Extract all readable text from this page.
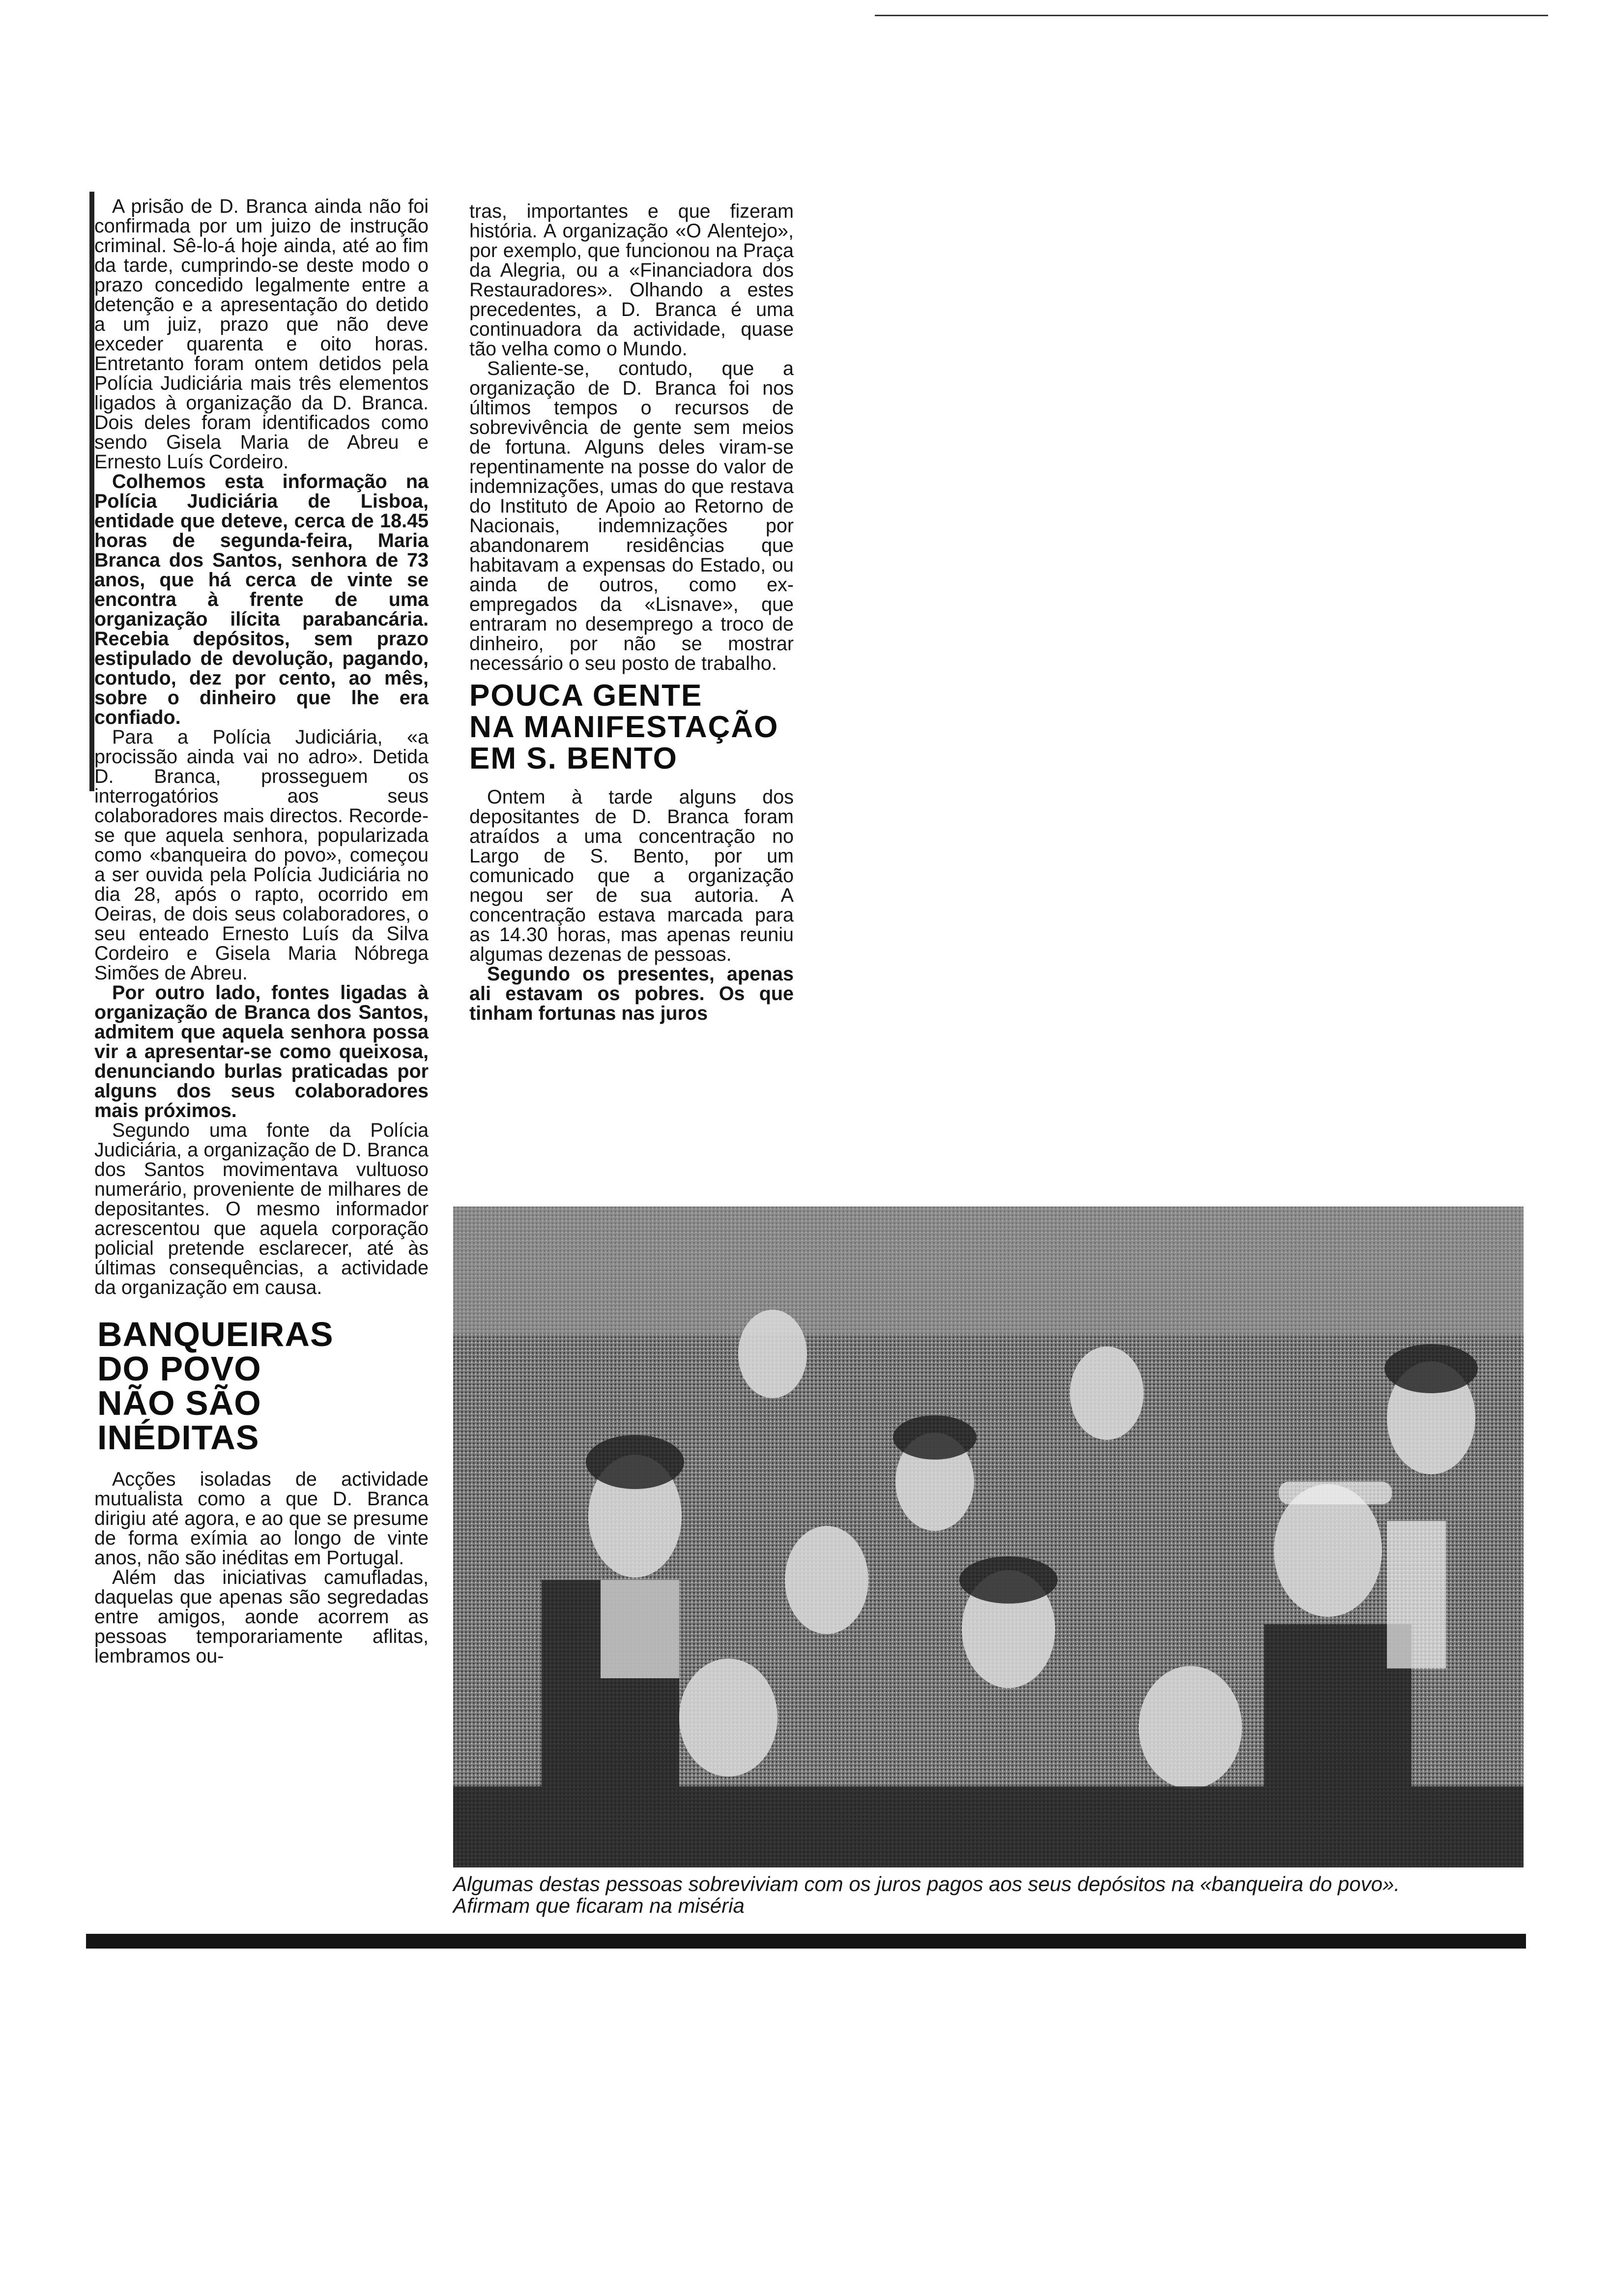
A prisão de D. Branca ainda não foi confirmada por um juizo de instrução criminal. Sê-lo-á hoje ainda, até ao fim da tarde, cumprindo-se deste modo o prazo concedido legalmente entre a detenção e a apresentação do detido a um juiz, prazo que não deve exceder quarenta e oito horas. Entretanto foram ontem detidos pela Polícia Judiciária mais três elementos ligados à organização da D. Branca. Dois deles foram identificados como sendo Gisela Maria de Abreu e Ernesto Luís Cordeiro.

Colhemos esta informação na Polícia Judiciária de Lisboa, entidade que deteve, cerca de 18.45 horas de segunda-feira, Maria Branca dos Santos, senhora de 73 anos, que há cerca de vinte se encontra à frente de uma organização ilícita parabancária. Recebia depósitos, sem prazo estipulado de devolução, pagando, contudo, dez por cento, ao mês, sobre o dinheiro que lhe era confiado.

Para a Polícia Judiciária, «a procissão ainda vai no adro». Detida D. Branca, prosseguem os interrogatórios aos seus colaboradores mais directos. Recorde-se que aquela senhora, popularizada como «banqueira do povo», começou a ser ouvida pela Polícia Judiciária no dia 28, após o rapto, ocorrido em Oeiras, de dois seus colaboradores, o seu enteado Ernesto Luís da Silva Cordeiro e Gisela Maria Nóbrega Simões de Abreu.

Por outro lado, fontes ligadas à organização de Branca dos Santos, admitem que aquela senhora possa vir a apresentar-se como queixosa, denunciando burlas praticadas por alguns dos seus colaboradores mais próximos.

Segundo uma fonte da Polícia Judiciária, a organização de D. Branca dos Santos movimentava vultuoso numerário, proveniente de milhares de depositantes. O mesmo informador acrescentou que aquela corporação policial pretende esclarecer, até às últimas consequências, a actividade da organização em causa.

BANQUEIRAS
DO POVO
NÃO SÃO
INÉDITAS

Acções isoladas de actividade mutualista como a que D. Branca dirigiu até agora, e ao que se presume de forma exímia ao longo de vinte anos, não são inéditas em Portugal.

Além das iniciativas camufladas, daquelas que apenas são segredadas entre amigos, aonde acorrem as pessoas temporariamente aflitas, lembramos ou-

tras, importantes e que fizeram história. A organização «O Alentejo», por exemplo, que funcionou na Praça da Alegria, ou a «Financiadora dos Restauradores». Olhando a estes precedentes, a D. Branca é uma continuadora da actividade, quase tão velha como o Mundo.

Saliente-se, contudo, que a organização de D. Branca foi nos últimos tempos o recursos de sobrevivência de gente sem meios de fortuna. Alguns deles viram-se repentinamente na posse do valor de indemnizações, umas do que restava do Instituto de Apoio ao Retorno de Nacionais, indemnizações por abandonarem residências que habitavam a expensas do Estado, ou ainda de outros, como ex-empregados da «Lisnave», que entraram no desemprego a troco de dinheiro, por não se mostrar necessário o seu posto de trabalho.

POUCA GENTE
NA MANIFESTAÇÃO
EM S. BENTO

Ontem à tarde alguns dos depositantes de D. Branca foram atraídos a uma concentração no Largo de S. Bento, por um comunicado que a organização negou ser de sua autoria. A concentração estava marcada para as 14.30 horas, mas apenas reuniu algumas dezenas de pessoas.

Segundo os presentes, apenas ali estavam os pobres. Os que tinham fortunas nas juros

Algumas destas pessoas sobreviviam com os juros pagos aos seus depósitos na «banqueira do povo».

Afirmam que ficaram na miséria
